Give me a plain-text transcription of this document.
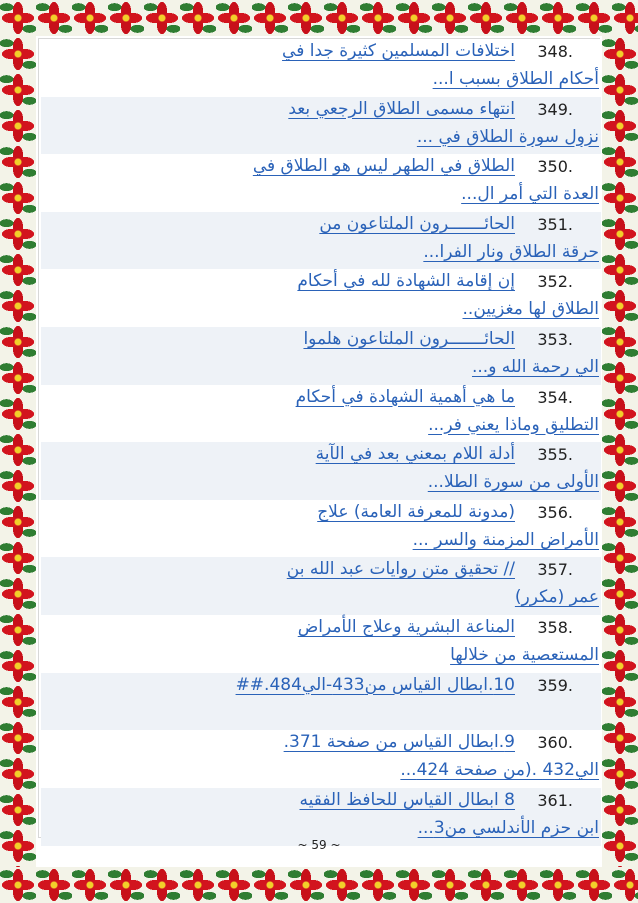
348.
اختلافات المسلمين كثيرة جدا في
أحكام الطلاق بسبب ا...
349.
انتهاء مسمى الطلاق الرجعي بعد
نزول سورة الطلاق في ...
350.
الطلاق في الطهر ليس هو الطلاق في
العدة التي أمر ال...
351.
الحائـــــــرون الملتاعون من
حرقة الطلاق ونار الفرا...
352.
إن إقامة الشهادة لله في أحكام
الطلاق لها مغزيين..
353.
الحائـــــــرون الملتاعون هلموا
الي رحمة الله و...
354.
ما هي أهمية الشهادة في أحكام
التطليق وماذا يعني فر...
355.
أدلة اللام بمعني بعد في الآية
الأولى من سورة الطلا...
356.
(مدونة للمعرفة العامة) علاج
الأمراض المزمنة والسر ...
357.
// تحقيق متن روايات عبد الله بن
عمر (مكرر)
358.
المناعة البشرية وعلاج الأمراض
المستعصية من خلالها
359.
10.ابطال القياس من433-الي484.##
360.
9.ابطال القياس من صفحة 371.
الي432 .(من صفحة 424...
361.
8 ابطال القياس للحافظ الفقيه
ابن حزم الأندلسي من3...
~ 59 ~
